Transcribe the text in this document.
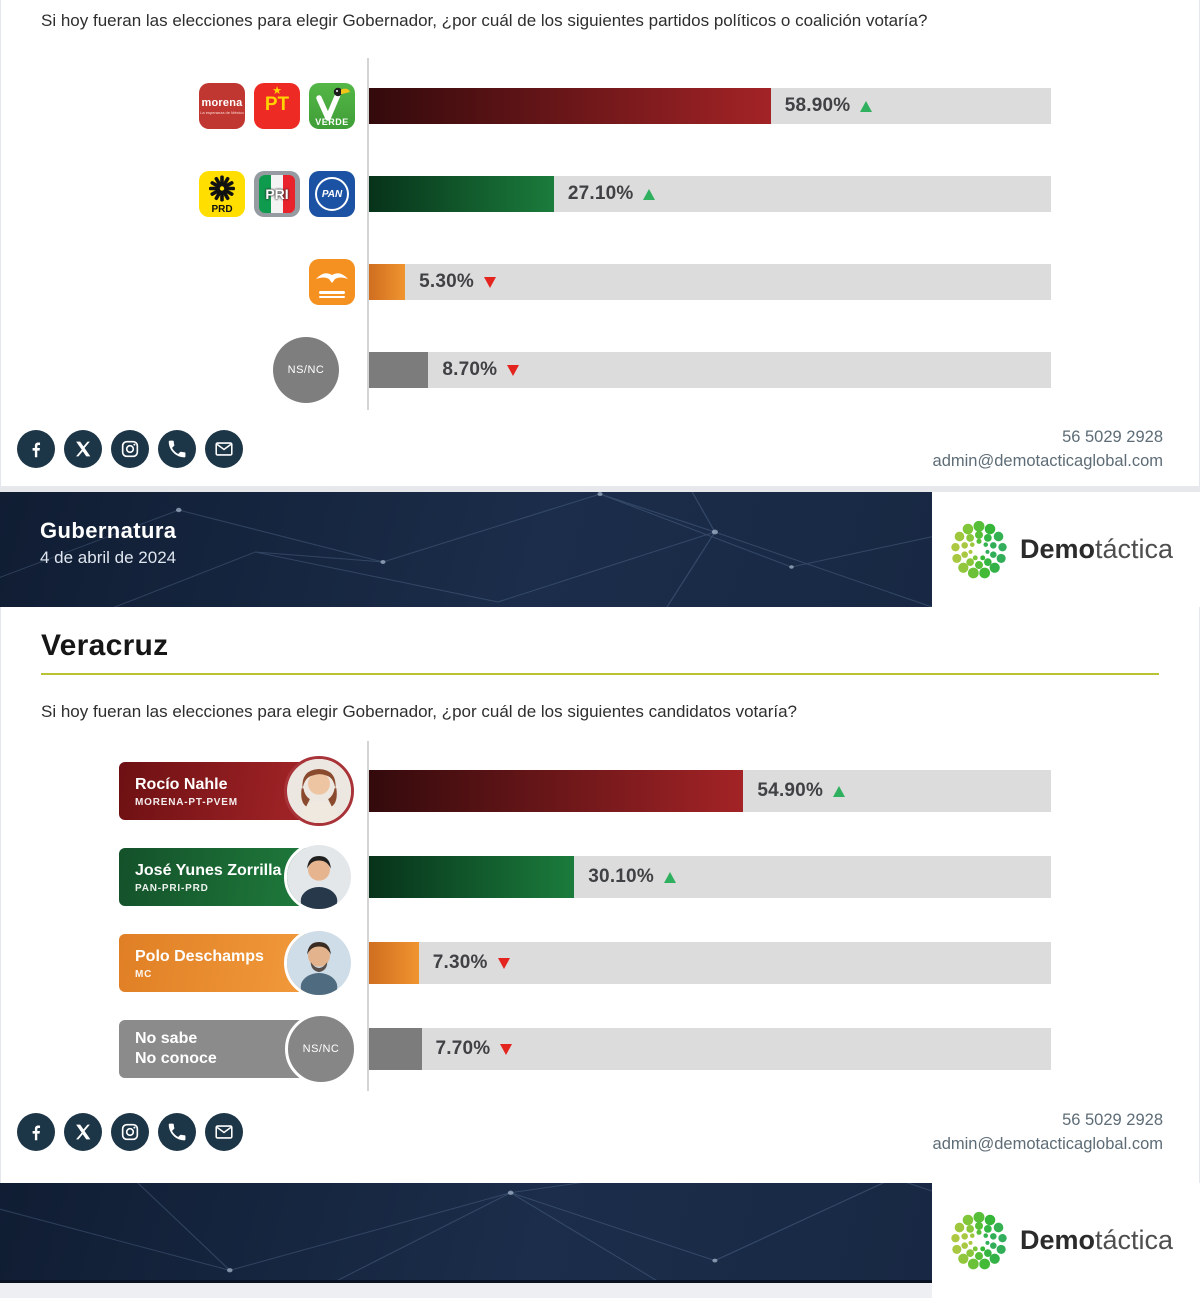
Si hoy fueran las elecciones para elegir Gobernador, ¿por cuál de los siguientes partidos políticos o coalición votaría?
morena
La esperanza de México
★
PT
VERDE
58.90%
PRD
PRI	PAN	27.10%
5.30%
NS/NC	8.70%
56 5029 2928
admin@demotacticaglobal.com
Gubernatura
4 de abril de 2024	Demotáctica
Veracruz
Si hoy fueran las elecciones para elegir Gobernador, ¿por cuál de los siguientes candidatos votaría?
Rocío Nahle
MORENA-PT-PVEM
54.90%
José Yunes Zorrilla
PAN-PRI-PRD
30.10%
Polo Deschamps
MC
7.30%
No sabe
No conoce
NS/NC	7.70%
56 5029 2928
admin@demotacticaglobal.com
Demotáctica
